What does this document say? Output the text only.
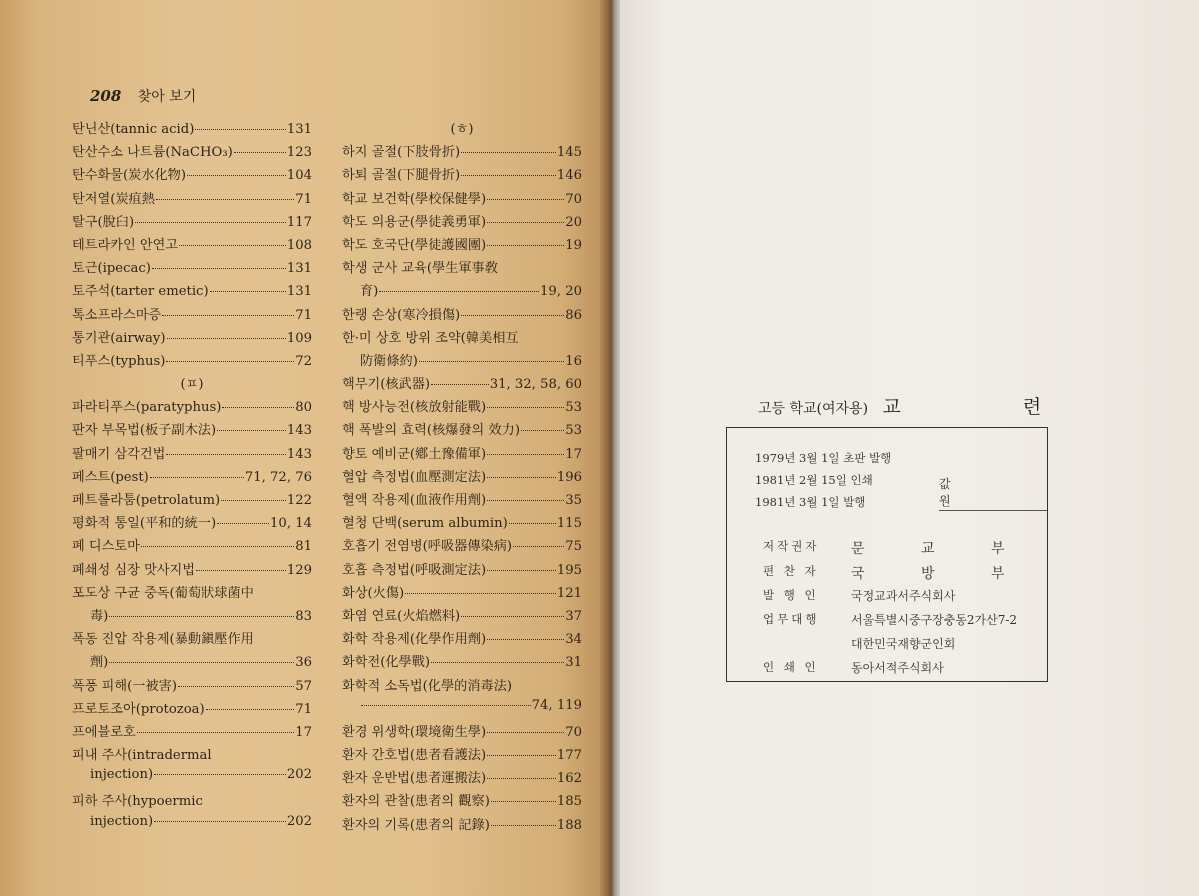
208 찾아 보기
탄닌산(tannic acid)	131
탄산수소 나트륨(NaCHO₃)	123
탄수화물(炭水化物)	104
탄저열(炭疽熱	71
탈구(脫臼)	117
테트라카인 안연고	108
토근(ipecac)	131
토주석(tarter emetic)	131
톡소프라스마증	71
통기관(airway)	109
티푸스(typhus)	72
(ㅍ)
파라티푸스(paratyphus)	80
판자 부목법(板子副木法)	143
팔매기 삼각건법	143
페스트(pest)	71, 72, 76
페트롤라툼(petrolatum)	122
평화적 통일(平和的統一)	10, 14
폐 디스토마	81
폐쇄성 심장 맛사지법	129
포도상 구균 중독(葡萄狀球菌中
毒)	83
폭동 진압 작용제(暴動鎭壓作用
劑)	36
폭풍 피해(一被害)	57
프로토조아(protozoa)	71
프에블로호	17
피내 주사(intradermal
injection)	202
피하 주사(hypoermic
injection)	202
(ㅎ)
하지 골절(下肢骨折)	145
하퇴 골절(下腿骨折)	146
학교 보건학(學校保健學)	70
학도 의용군(學徒義勇軍)	20
학도 호국단(學徒護國團)	19
학생 군사 교육(學生軍事敎
育)	19, 20
한랭 손상(寒冷損傷)	86
한·미 상호 방위 조약(韓美相互
防衛條約)	16
핵무기(核武器)	31, 32, 58, 60
핵 방사능전(核放射能戰)	53
핵 폭발의 효력(核爆發의 效力)	53
향토 예비군(鄕土豫備軍)	17
혈압 측정법(血壓測定法)	196
혈액 작용제(血液作用劑)	35
혈청 단백(serum albumin)	115
호흡기 전염병(呼吸器傳染病)	75
호흡 측정법(呼吸測定法)	195
화상(火傷)	121
화염 연료(火焰燃料)	37
화학 작용제(化學作用劑)	34
화학전(化學戰)	31
화학적 소독법(化學的消毒法)
74, 119
환경 위생학(環境衛生學)	70
환자 간호법(患者看護法)	177
환자 운반법(患者運搬法)	162
환자의 관찰(患者의 觀察)	185
환자의 기록(患者의 記錄)	188
고등 학교(여자용) 교 련
1979년 3월 1일 초판 발행
1981년 2월 15일 인쇄
1981년 3월 1일 발행
값 원
저작권자	문 교 부
편 찬 자	국 방 부
발 행 인	국정교과서주식회사
업무대행	서울특별시중구장충동2가산7-2
대한민국재향군인회
인 쇄 인	동아서적주식회사
